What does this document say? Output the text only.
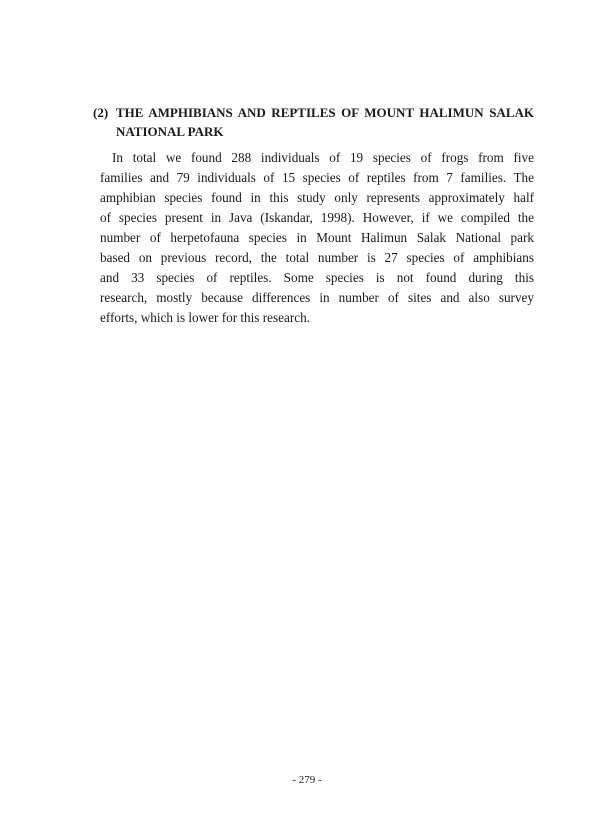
(2) THE AMPHIBIANS AND REPTILES OF MOUNT HALIMUN SALAK
NATIONAL PARK
In total we found 288 individuals of 19 species of frogs from five
families and 79 individuals of 15 species of reptiles from 7 families. The
amphibian species found in this study only represents approximately half
of species present in Java (Iskandar, 1998). However, if we compiled the
number of herpetofauna species in Mount Halimun Salak National park
based on previous record, the total number is 27 species of amphibians
and 33 species of reptiles. Some species is not found during this
research, mostly because differences in number of sites and also survey
efforts, which is lower for this research.
- 279 -
